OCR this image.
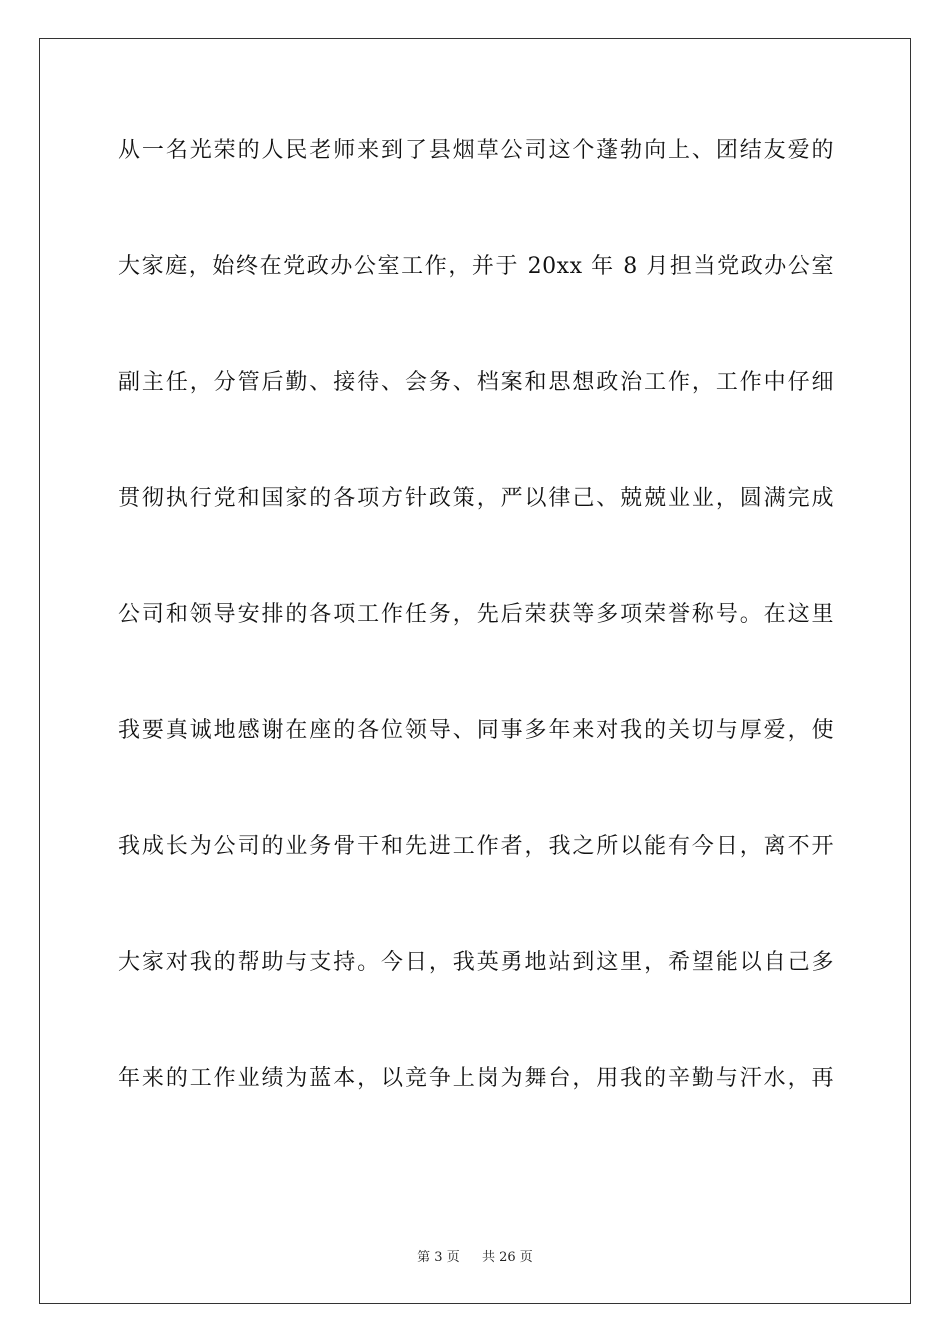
从一名光荣的人民老师来到了县烟草公司这个蓬勃向上、团结友爱的
大家庭，始终在党政办公室工作，并于 20xx 年 8 月担当党政办公室
副主任，分管后勤、接待、会务、档案和思想政治工作，工作中仔细
贯彻执行党和国家的各项方针政策，严以律己、兢兢业业，圆满完成
公司和领导安排的各项工作任务，先后荣获等多项荣誉称号。在这里
我要真诚地感谢在座的各位领导、同事多年来对我的关切与厚爱，使
我成长为公司的业务骨干和先进工作者，我之所以能有今日，离不开
大家对我的帮助与支持。今日，我英勇地站到这里，希望能以自己多
年来的工作业绩为蓝本，以竞争上岗为舞台，用我的辛勤与汗水，再
第 3 页 共 26 页
